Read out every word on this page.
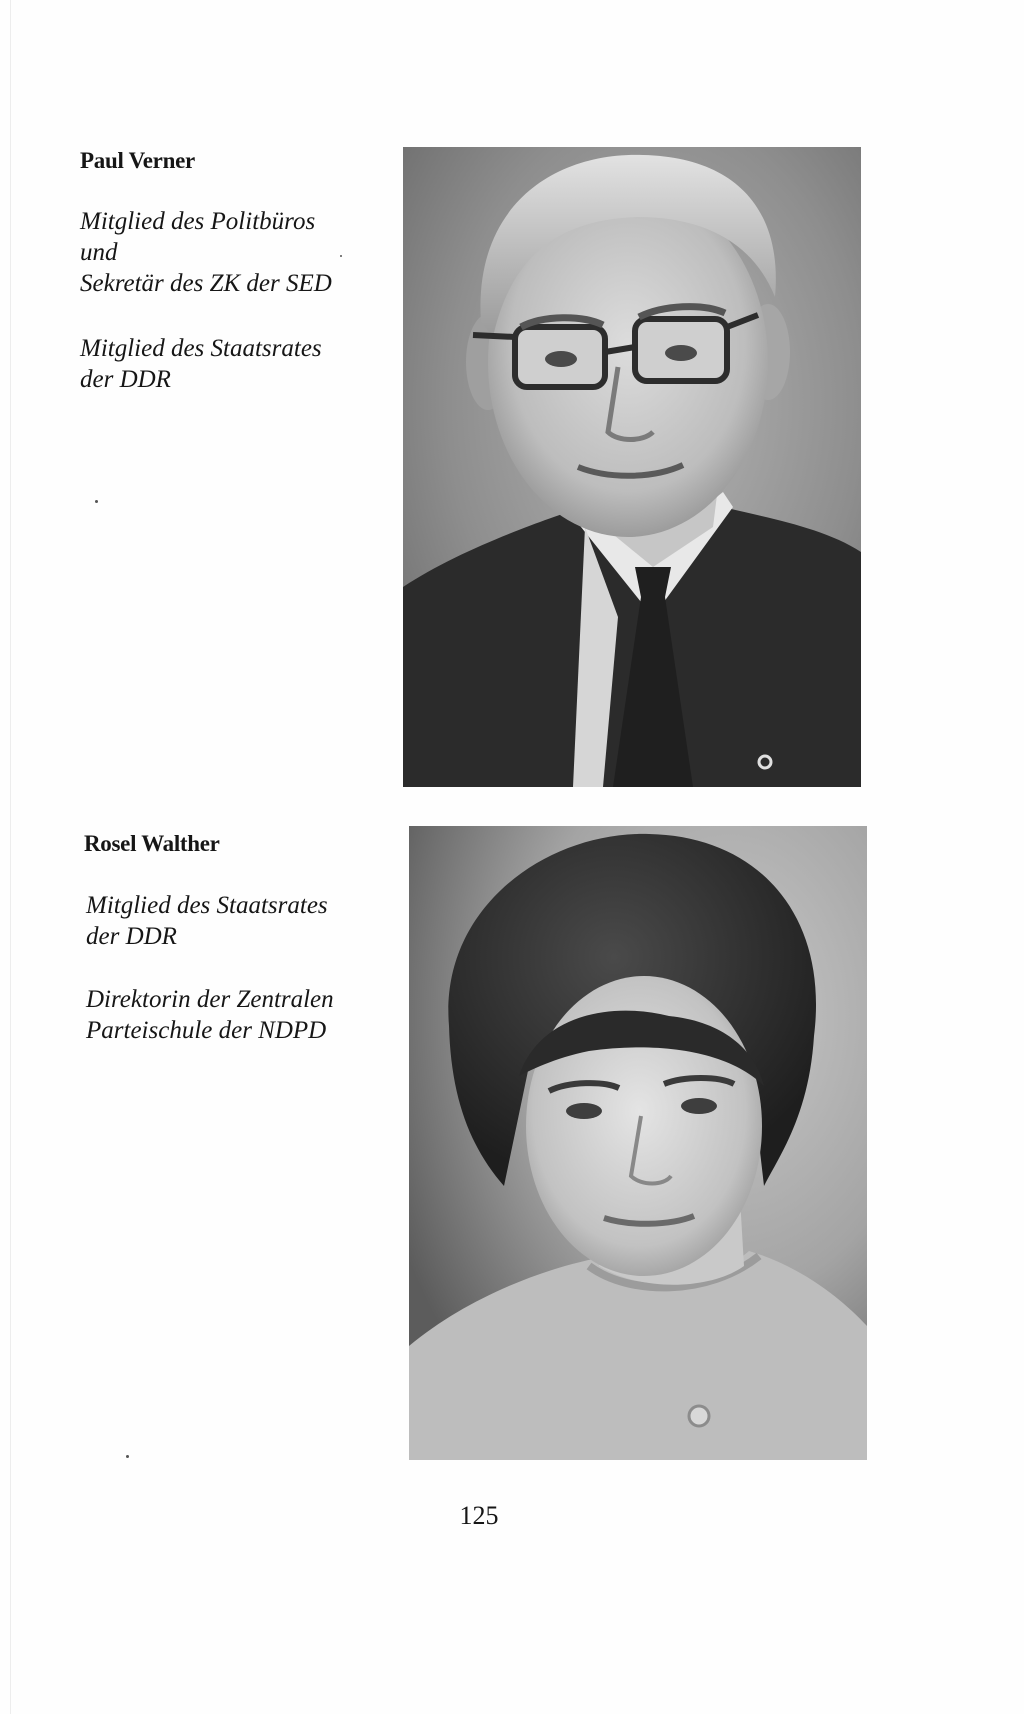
Paul Verner
Mitglied des Politbüros
und
Sekretär des ZK der SED
Mitglied des Staatsrates
der DDR
Rosel Walther
Mitglied des Staatsrates
der DDR
Direktorin der Zentralen
Parteischule der NDPD
125
